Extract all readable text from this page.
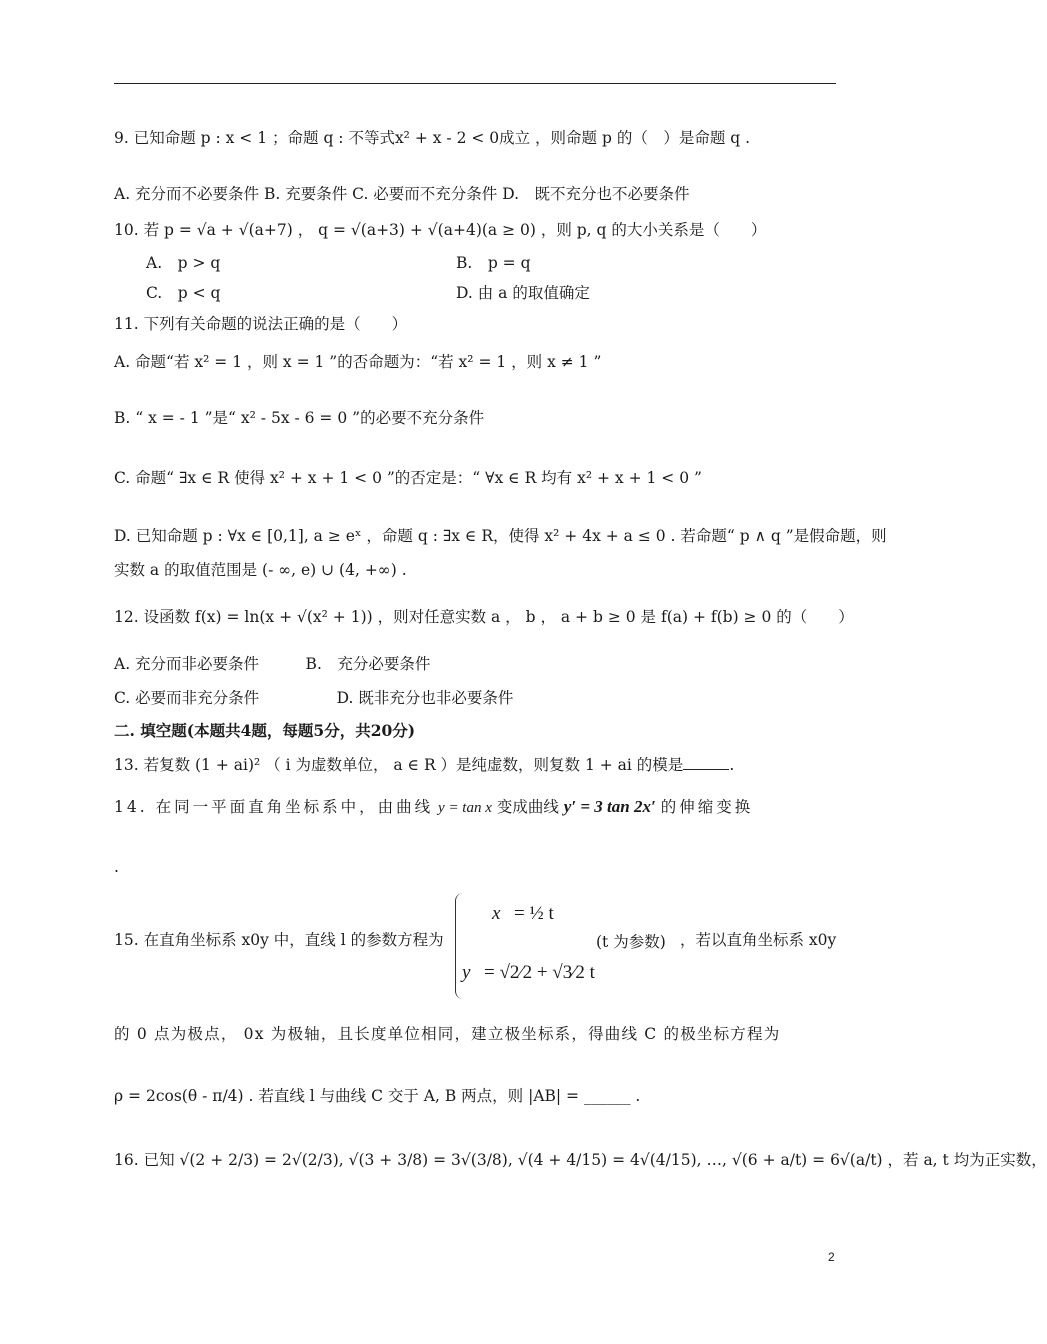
9. 已知命题 p : x < 1 ；命题 q : 不等式x² + x - 2 < 0成立 ，则命题 p 的（　）是命题 q .
A. 充分而不必要条件 B. 充要条件 C. 必要而不充分条件 D.　既不充分也不必要条件
10. 若 p = √a + √(a+7) ， q = √(a+3) + √(a+4)(a ≥ 0) ，则 p, q 的大小关系是（　　）
A.　p > q	B.　p = q
C.　p < q	D. 由 a 的取值确定
11. 下列有关命题的说法正确的是（　　）
A. 命题“若 x² = 1 ，则 x = 1 ”的否命题为：“若 x² = 1 ，则 x ≠ 1 ”
B. “ x = - 1 ”是“ x² - 5x - 6 = 0 ”的必要不充分条件
C. 命题“ ∃x ∈ R 使得 x² + x + 1 < 0 ”的否定是：“ ∀x ∈ R 均有 x² + x + 1 < 0 ”
D. 已知命题 p : ∀x ∈ [0,1], a ≥ eˣ ，命题 q : ∃x ∈ R，使得 x² + 4x + a ≤ 0 . 若命题“ p ∧ q ”是假命题，则
实数 a 的取值范围是 (- ∞, e) ∪ (4, +∞) .
12. 设函数 f(x) = ln(x + √(x² + 1)) ，则对任意实数 a ， b ， a + b ≥ 0 是 f(a) + f(b) ≥ 0 的（　　）
A. 充分而非必要条件　　　B.　充分必要条件
C. 必要而非充分条件　　　　　D. 既非充分也非必要条件
二. 填空题(本题共4题，每题5分，共20分)
13. 若复数 (1 + ai)² （ i 为虚数单位， a ∈ R ）是纯虚数，则复数 1 + ai 的模是	.
14. 在同一平面直角坐标系中，由曲线 y = tan x 变成曲线 y′ = 3 tan 2x′ 的伸缩变换
.
15. 在直角坐标系 x0y 中，直线 l 的参数方程为
x = ½ t
y = √2⁄2 + √3⁄2 t
(t 为参数) ，若以直角坐标系 x0y
的 0 点为极点， 0x 为极轴，且长度单位相同，建立极坐标系，得曲线 C 的极坐标方程为
ρ = 2cos(θ - π/4) . 若直线 l 与曲线 C 交于 A, B 两点，则 |AB| = ______ .
16. 已知 √(2 + 2/3) = 2√(2/3), √(3 + 3/8) = 3√(3/8), √(4 + 4/15) = 4√(4/15), …, √(6 + a/t) = 6√(a/t) ，若 a, t 均为正实数，
2
